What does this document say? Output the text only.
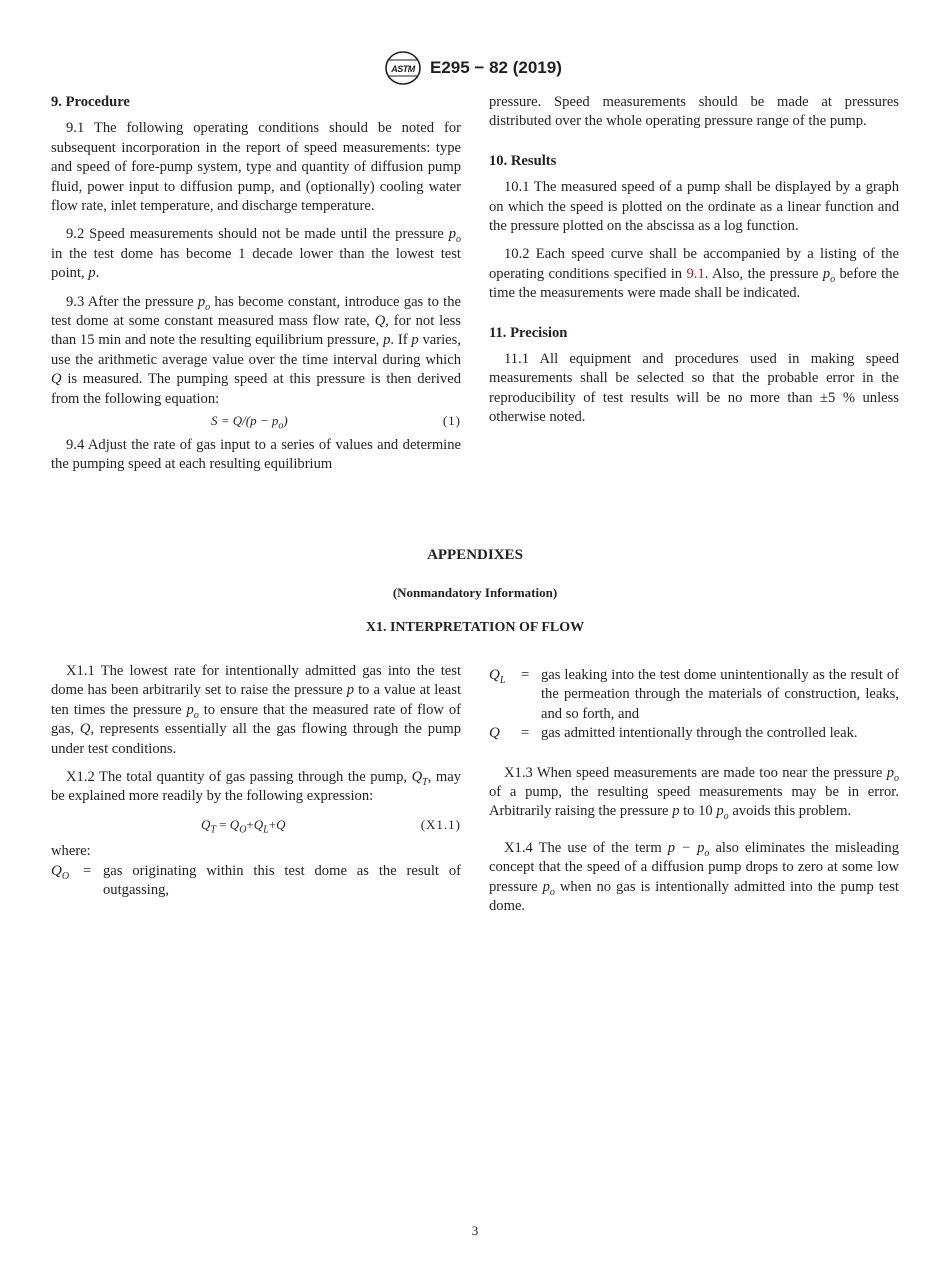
ASTM E295 − 82 (2019)
9. Procedure

9.1 The following operating conditions should be noted for subsequent incorporation in the report of speed measurements: type and speed of fore-pump system, type and quantity of diffusion pump fluid, power input to diffusion pump, and (optionally) cooling water flow rate, inlet temperature, and discharge temperature.

9.2 Speed measurements should not be made until the pressure $p_o$ in the test dome has become 1 decade lower than the lowest test point, p.

9.3 After the pressure $p_o$ has become constant, introduce gas to the test dome at some constant measured mass flow rate, Q, for not less than 15 min and note the resulting equilibrium pressure, p. If p varies, use the arithmetic average value over the time interval during which Q is measured. The pumping speed at this pressure is then derived from the following equation:

$S = Q/(p - p_o)$	(1)

9.4 Adjust the rate of gas input to a series of values and determine the pumping speed at each resulting equilibrium

pressure. Speed measurements should be made at pressures distributed over the whole operating pressure range of the pump.

10. Results

10.1 The measured speed of a pump shall be displayed by a graph on which the speed is plotted on the ordinate as a linear function and the pressure plotted on the abscissa as a log function.

10.2 Each speed curve shall be accompanied by a listing of the operating conditions specified in 9.1. Also, the pressure $p_o$ before the time the measurements were made shall be indicated.

11. Precision

11.1 All equipment and procedures used in making speed measurements shall be selected so that the probable error in the reproducibility of test results will be no more than ±5 % unless otherwise noted.

APPENDIXES
(Nonmandatory Information)
X1. INTERPRETATION OF FLOW

X1.1 The lowest rate for intentionally admitted gas into the test dome has been arbitrarily set to raise the pressure p to a value at least ten times the pressure $p_o$ to ensure that the measured rate of flow of gas, Q, represents essentially all the gas flowing through the pump under test conditions.

X1.2 The total quantity of gas passing through the pump, $Q_T$, may be explained more readily by the following expression:

$Q_T = Q_O+Q_L+Q$	(X1.1)

where:

$Q_O$ = gas originating within this test dome as the result of outgassing,
$Q_L$	= gas leaking into the test dome unintentionally as the result of the permeation through the materials of construction, leaks, and so forth, and
Q	= gas admitted intentionally through the controlled leak.

X1.3 When speed measurements are made too near the pressure $p_o$ of a pump, the resulting speed measurements may be in error. Arbitrarily raising the pressure p to 10 $p_o$ avoids this problem.

X1.4 The use of the term $p - p_o$ also eliminates the misleading concept that the speed of a diffusion pump drops to zero at some low pressure $p_o$ when no gas is intentionally admitted into the pump test dome.

3
